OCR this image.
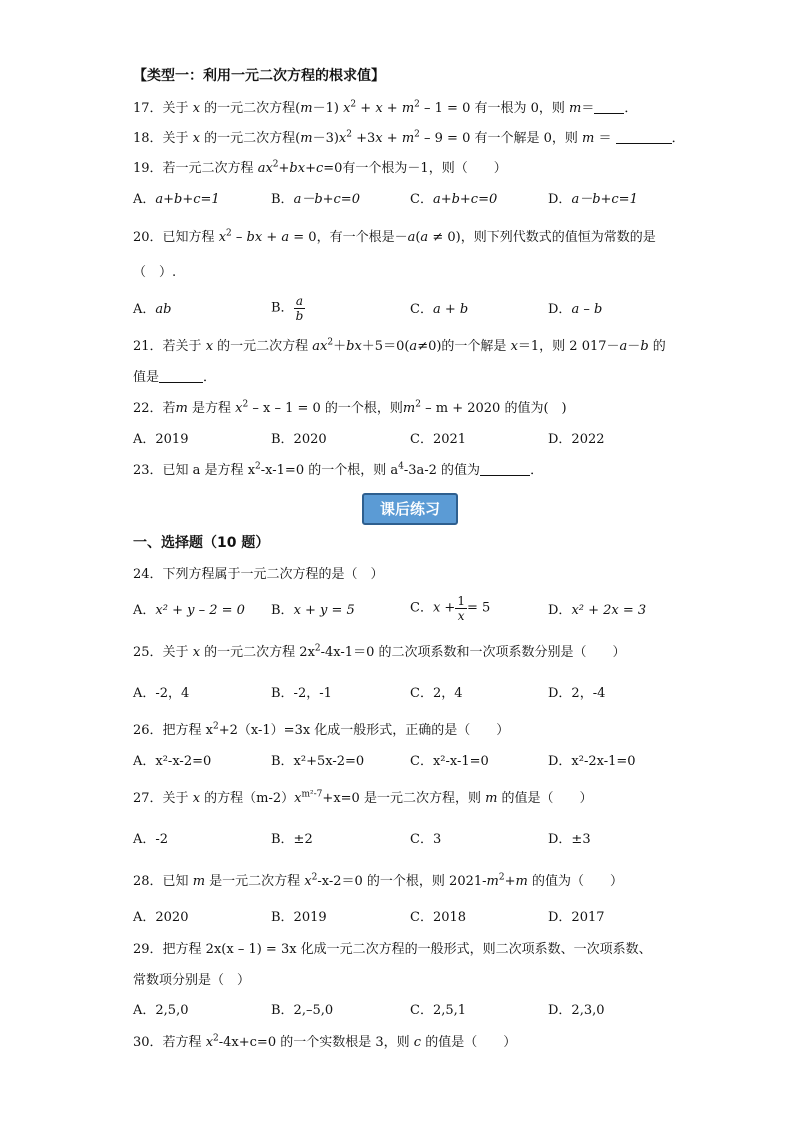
【类型一：利用一元二次方程的根求值】
17．关于 x 的一元二次方程(m－1) $x^2 + x + m^2 - 1 = 0$ 有一根为 0，则 m＝ ．
18．关于 x 的一元二次方程$(m-3)x^2 +3x + m^2 - 9 = 0$ 有一个解是 0，则 m ＝	．
19．若一元二次方程 $ax^2+bx+c=0$有一个根为－1，则（　　）
A．a+b+c=1	B．a－b+c=0	C．a+b+c=0	D．a－b+c=1
20．已知方程 $x^2$ – bx + a = 0，有一个根是－a(a ≠ 0)，则下列代数式的值恒为常数的是
（　）.
A．ab	B． $\frac{a}{b}$	C．a + b	D．a – b
21．若关于 x 的一元二次方程 $ax^2+bx+5=0(a\ne 0)$的一个解是 x＝1，则 2 017－a－b 的
值是	．
22．若m 是方程 $x^2 - x - 1 = 0$ 的一个根，则$m^2 - m + 2020$ 的值为(　)
A．2019	B．2020	C．2021	D．2022
23．已知 a 是方程 $x^2-x-1=0$ 的一个根，则 $a^4-3a-2$ 的值为	．
课后练习
一、选择题（10 题）
24．下列方程属于一元二次方程的是（　）
A．x² + y – 2 = 0 B．x + y = 5	C．$x + \frac{1}{x} = 5$	D．x² + 2x = 3
25．关于 x 的一元二次方程 $2x^2-4x-1=0$ 的二次项系数和一次项系数分别是（　　）
A．-2，4	B．-2，-1	C．2，4	D．2，-4
26．把方程 $x^2+2(x-1)=3x$ 化成一般形式，正确的是（　　）
A．x²-x-2=0	B．x²+5x-2=0	C．x²-x-1=0	D．x²-2x-1=0
27．关于 x 的方程$(m-2)x^{m^2-7}+x=0$ 是一元二次方程，则 m 的值是（　　）
A．-2	B．±2	C．3	D．±3
28．已知 m 是一元二次方程 $x^2-x-2=0$ 的一个根，则 $2021-m^2+m$ 的值为（　　）
A．2020	B．2019	C．2018	D．2017
29．把方程 2x(x – 1) = 3x 化成一元二次方程的一般形式，则二次项系数、一次项系数、
常数项分别是（　）
A．2,5,0	B．2,–5,0	C．2,5,1	D．2,3,0
30．若方程 $x^2-4x+c=0$ 的一个实数根是 3，则 c 的值是（　　）
